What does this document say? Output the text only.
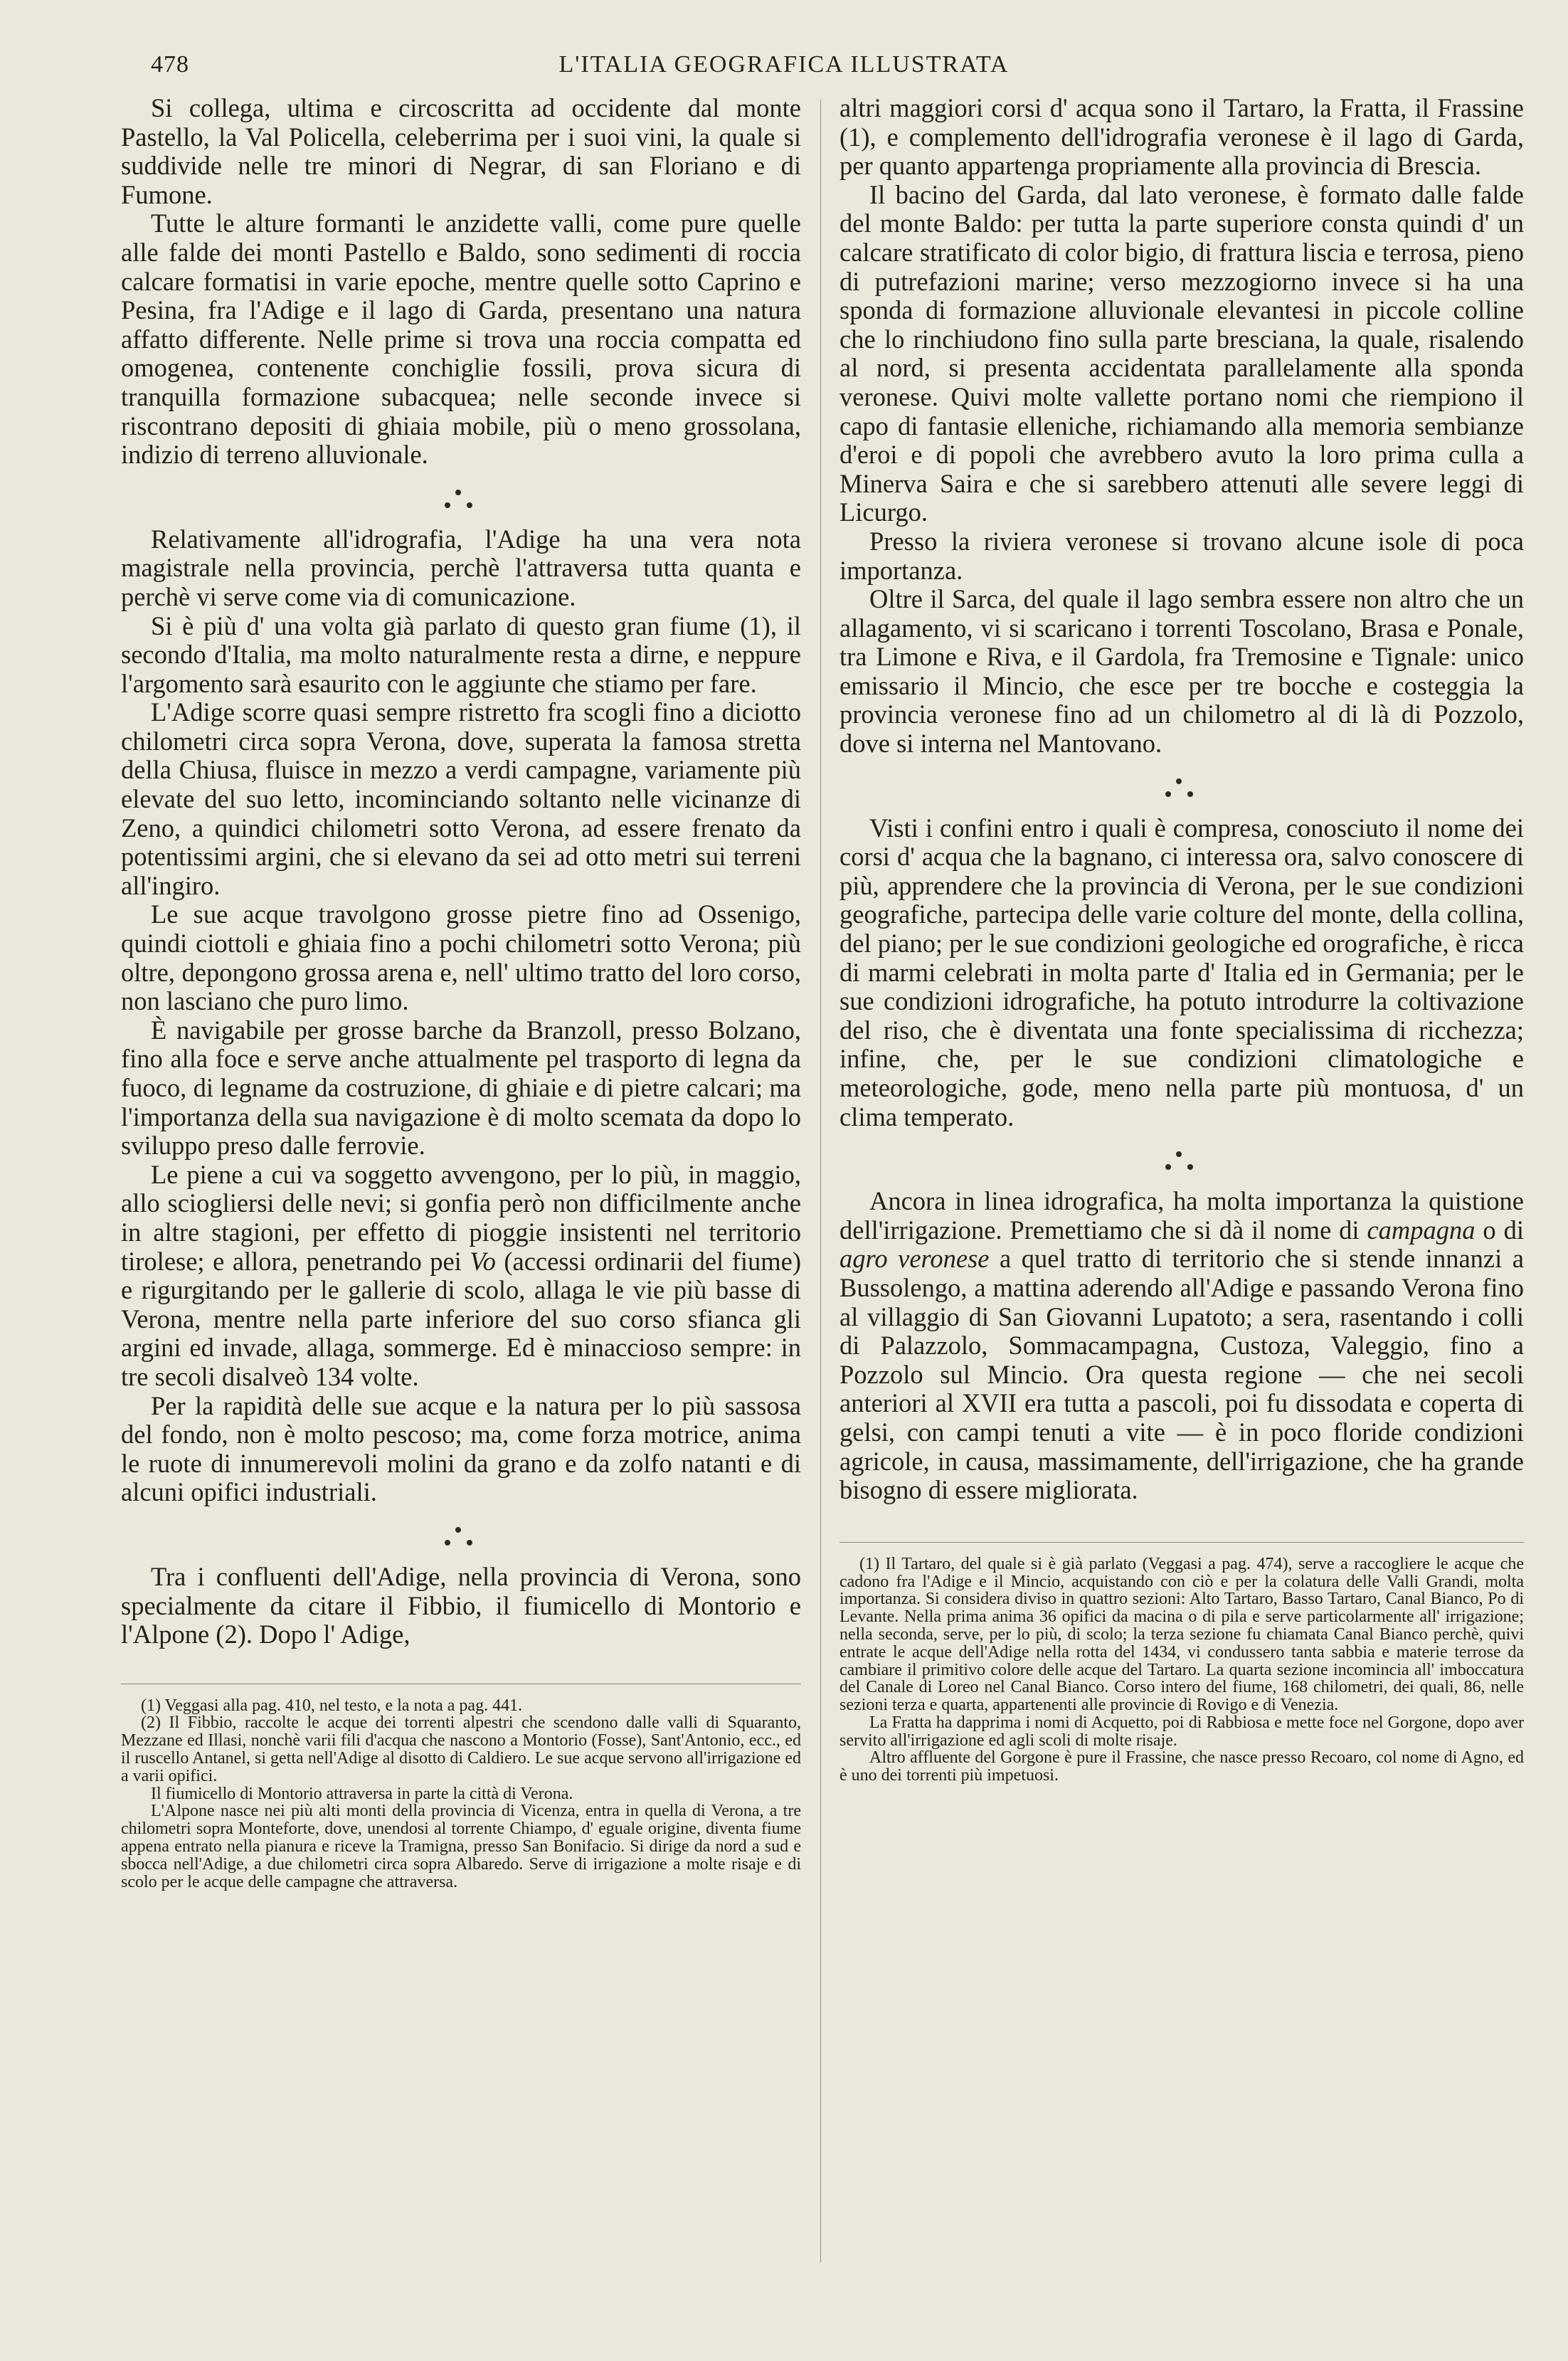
478	L'ITALIA GEOGRAFICA ILLUSTRATA

Si collega, ultima e circoscritta ad occidente dal monte Pastello, la Val Policella, celeberrima per i suoi vini, la quale si suddivide nelle tre minori di Negrar, di san Floriano e di Fumone.

Tutte le alture formanti le anzidette valli, come pure quelle alle falde dei monti Pastello e Baldo, sono sedimenti di roccia calcare formatisi in varie epoche, mentre quelle sotto Caprino e Pesina, fra l'Adige e il lago di Garda, presentano una natura affatto differente. Nelle prime si trova una roccia compatta ed omogenea, contenente conchiglie fossili, prova sicura di tranquilla formazione subacquea; nelle seconde invece si riscontrano depositi di ghiaia mobile, più o meno grossolana, indizio di terreno alluvionale.

Relativamente all'idrografia, l'Adige ha una vera nota magistrale nella provincia, perchè l'attraversa tutta quanta e perchè vi serve come via di comunicazione.

Si è più d' una volta già parlato di questo gran fiume (1), il secondo d'Italia, ma molto naturalmente resta a dirne, e neppure l'argomento sarà esaurito con le aggiunte che stiamo per fare.

L'Adige scorre quasi sempre ristretto fra scogli fino a diciotto chilometri circa sopra Verona, dove, superata la famosa stretta della Chiusa, fluisce in mezzo a verdi campagne, variamente più elevate del suo letto, incominciando soltanto nelle vicinanze di Zeno, a quindici chilometri sotto Verona, ad essere frenato da potentissimi argini, che si elevano da sei ad otto metri sui terreni all'ingiro.

Le sue acque travolgono grosse pietre fino ad Ossenigo, quindi ciottoli e ghiaia fino a pochi chilometri sotto Verona; più oltre, depongono grossa arena e, nell' ultimo tratto del loro corso, non lasciano che puro limo.

È navigabile per grosse barche da Branzoll, presso Bolzano, fino alla foce e serve anche attualmente pel trasporto di legna da fuoco, di legname da costruzione, di ghiaie e di pietre calcari; ma l'importanza della sua navigazione è di molto scemata da dopo lo sviluppo preso dalle ferrovie.

Le piene a cui va soggetto avvengono, per lo più, in maggio, allo sciogliersi delle nevi; si gonfia però non difficilmente anche in altre stagioni, per effetto di pioggie insistenti nel territorio tirolese; e allora, penetrando pei Vo (accessi ordinarii del fiume) e rigurgitando per le gallerie di scolo, allaga le vie più basse di Verona, mentre nella parte inferiore del suo corso sfianca gli argini ed invade, allaga, sommerge. Ed è minaccioso sempre: in tre secoli disalveò 134 volte.

Per la rapidità delle sue acque e la natura per lo più sassosa del fondo, non è molto pescoso; ma, come forza motrice, anima le ruote di innumerevoli molini da grano e da zolfo natanti e di alcuni opifici industriali.

Tra i confluenti dell'Adige, nella provincia di Verona, sono specialmente da citare il Fibbio, il fiumicello di Montorio e l'Alpone (2). Dopo l' Adige,

(1) Veggasi alla pag. 410, nel testo, e la nota a pag. 441.

(2) Il Fibbio, raccolte le acque dei torrenti alpestri che scendono dalle valli di Squaranto, Mezzane ed Illasi, nonchè varii fili d'acqua che nascono a Montorio (Fosse), Sant'Antonio, ecc., ed il ruscello Antanel, si getta nell'Adige al disotto di Caldiero. Le sue acque servono all'irrigazione ed a varii opifici.

Il fiumicello di Montorio attraversa in parte la città di Verona.

L'Alpone nasce nei più alti monti della provincia di Vicenza, entra in quella di Verona, a tre chilometri sopra Monteforte, dove, unendosi al torrente Chiampo, d' eguale origine, diventa fiume appena entrato nella pianura e riceve la Tramigna, presso San Bonifacio. Si dirige da nord a sud e sbocca nell'Adige, a due chilometri circa sopra Albaredo. Serve di irrigazione a molte risaje e di scolo per le acque delle campagne che attraversa.

altri maggiori corsi d' acqua sono il Tartaro, la Fratta, il Frassine (1), e complemento dell'idrografia veronese è il lago di Garda, per quanto appartenga propriamente alla provincia di Brescia.

Il bacino del Garda, dal lato veronese, è formato dalle falde del monte Baldo: per tutta la parte superiore consta quindi d' un calcare stratificato di color bigio, di frattura liscia e terrosa, pieno di putrefazioni marine; verso mezzogiorno invece si ha una sponda di formazione alluvionale elevantesi in piccole colline che lo rinchiudono fino sulla parte bresciana, la quale, risalendo al nord, si presenta accidentata parallelamente alla sponda veronese. Quivi molte vallette portano nomi che riempiono il capo di fantasie elleniche, richiamando alla memoria sembianze d'eroi e di popoli che avrebbero avuto la loro prima culla a Minerva Saira e che si sarebbero attenuti alle severe leggi di Licurgo.

Presso la riviera veronese si trovano alcune isole di poca importanza.

Oltre il Sarca, del quale il lago sembra essere non altro che un allagamento, vi si scaricano i torrenti Toscolano, Brasa e Ponale, tra Limone e Riva, e il Gardola, fra Tremosine e Tignale: unico emissario il Mincio, che esce per tre bocche e costeggia la provincia veronese fino ad un chilometro al di là di Pozzolo, dove si interna nel Mantovano.

Visti i confini entro i quali è compresa, conosciuto il nome dei corsi d' acqua che la bagnano, ci interessa ora, salvo conoscere di più, apprendere che la provincia di Verona, per le sue condizioni geografiche, partecipa delle varie colture del monte, della collina, del piano; per le sue condizioni geologiche ed orografiche, è ricca di marmi celebrati in molta parte d' Italia ed in Germania; per le sue condizioni idrografiche, ha potuto introdurre la coltivazione del riso, che è diventata una fonte specialissima di ricchezza; infine, che, per le sue condizioni climatologiche e meteorologiche, gode, meno nella parte più montuosa, d' un clima temperato.

Ancora in linea idrografica, ha molta importanza la quistione dell'irrigazione. Premettiamo che si dà il nome di campagna o di agro veronese a quel tratto di territorio che si stende innanzi a Bussolengo, a mattina aderendo all'Adige e passando Verona fino al villaggio di San Giovanni Lupatoto; a sera, rasentando i colli di Palazzolo, Sommacampagna, Custoza, Valeggio, fino a Pozzolo sul Mincio. Ora questa regione — che nei secoli anteriori al XVII era tutta a pascoli, poi fu dissodata e coperta di gelsi, con campi tenuti a vite — è in poco floride condizioni agricole, in causa, massimamente, dell'irrigazione, che ha grande bisogno di essere migliorata.

(1) Il Tartaro, del quale si è già parlato (Veggasi a pag. 474), serve a raccogliere le acque che cadono fra l'Adige e il Mincio, acquistando con ciò e per la colatura delle Valli Grandi, molta importanza. Si considera diviso in quattro sezioni: Alto Tartaro, Basso Tartaro, Canal Bianco, Po di Levante. Nella prima anima 36 opifici da macina o di pila e serve particolarmente all' irrigazione; nella seconda, serve, per lo più, di scolo; la terza sezione fu chiamata Canal Bianco perchè, quivi entrate le acque dell'Adige nella rotta del 1434, vi condussero tanta sabbia e materie terrose da cambiare il primitivo colore delle acque del Tartaro. La quarta sezione incomincia all' imboccatura del Canale di Loreo nel Canal Bianco. Corso intero del fiume, 168 chilometri, dei quali, 86, nelle sezioni terza e quarta, appartenenti alle provincie di Rovigo e di Venezia.

La Fratta ha dapprima i nomi di Acquetto, poi di Rabbiosa e mette foce nel Gorgone, dopo aver servito all'irrigazione ed agli scoli di molte risaje.

Altro affluente del Gorgone è pure il Frassine, che nasce presso Recoaro, col nome di Agno, ed è uno dei torrenti più impetuosi.
